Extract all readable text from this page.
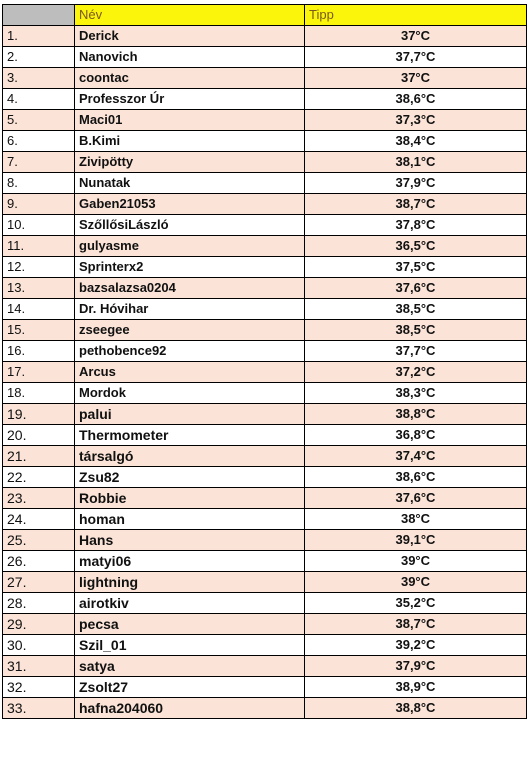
	Név	Tipp
1.	Derick	37°C
2.	Nanovich	37,7°C
3.	coontac	37°C
4.	Professzor Úr	38,6°C
5.	Maci01	37,3°C
6.	B.Kimi	38,4°C
7.	Zivipötty	38,1°C
8.	Nunatak	37,9°C
9.	Gaben21053	38,7°C
10.	SzőllősiLászló	37,8°C
11.	gulyasme	36,5°C
12.	Sprinterx2	37,5°C
13.	bazsalazsa0204	37,6°C
14.	Dr. Hóvihar	38,5°C
15.	zseegee	38,5°C
16.	pethobence92	37,7°C
17.	Arcus	37,2°C
18.	Mordok	38,3°C
19.	palui	38,8°C
20.	Thermometer	36,8°C
21.	társalgó	37,4°C
22.	Zsu82	38,6°C
23.	Robbie	37,6°C
24.	homan	38°C
25.	Hans	39,1°C
26.	matyi06	39°C
27.	lightning	39°C
28.	airotkiv	35,2°C
29.	pecsa	38,7°C
30.	Szil_01	39,2°C
31.	satya	37,9°C
32.	Zsolt27	38,9°C
33.	hafna204060	38,8°C
